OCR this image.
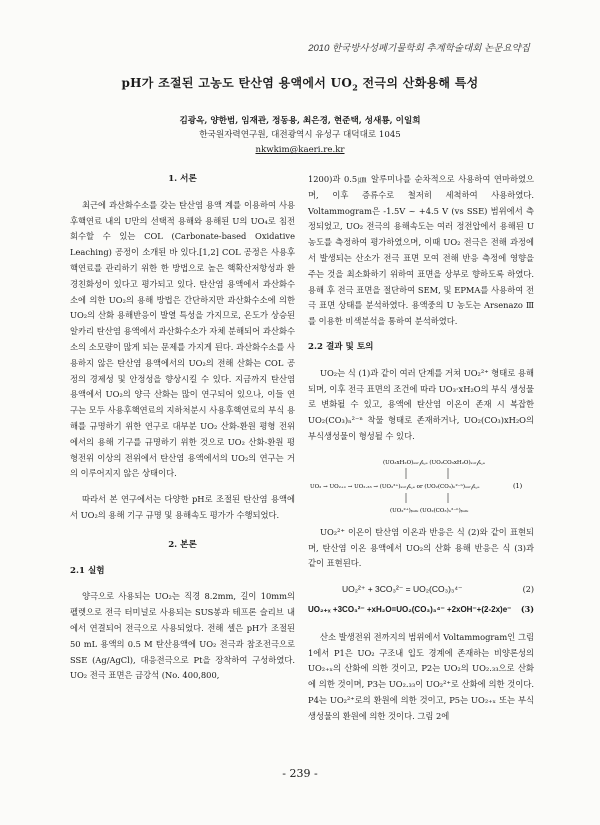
2010 한국방사성폐기물학회 추계학술대회 논문요약집
pH가 조절된 고농도 탄산염 용액에서 $UO_2$ 전극의 산화용해 특성
김광옥, 양한범, 임재관, 정동용, 최은경, 현준택, 성새룡, 이일희
한국원자력연구원, 대전광역시 유성구 대덕대로 1045
nkwkim@kaeri.re.kr
1. 서론
최근에 과산화수소를 갖는 탄산염 용액 계를 이용하여 사용후핵연료 내의 U만의 선택적 용해와 용해된 U의 UO₄로 침전 회수할 수 있는 COL (Carbonate-based Oxidative Leaching) 공정이 소개된 바 있다.[1,2] COL 공정은 사용후핵연료를 관리하기 위한 한 방법으로 높은 핵확산저항성과 환경친화성이 있다고 평가되고 있다. 탄산염 용액에서 과산화수소에 의한 UO₂의 용해 방법은 간단하지만 과산화수소에 의한 UO₂의 산화 용해반응이 발열 특성을 가지므로, 온도가 상승된 알카리 탄산염 용액에서 과산화수소가 자체 분해되어 과산화수소의 소모량이 많게 되는 문제를 가지게 된다. 과산화수소를 사용하지 않은 탄산염 용액에서의 UO₂의 전해 산화는 COL 공정의 경제성 및 안정성을 향상시킬 수 있다. 지금까지 탄산염 용액에서 UO₂의 양극 산화는 많이 연구되어 있으나, 이들 연구는 모두 사용후핵연료의 지하처분시 사용후핵연료의 부식 용해를 규명하기 위한 연구로 대부분 UO₂ 산화-환원 평형 전위에서의 용해 기구를 규명하기 위한 것으로 UO₂ 산화-환원 평형전위 이상의 전위에서 탄산염 용액에서의 UO₂의 연구는 거의 이루어지지 않은 상태이다.
따라서 본 연구에서는 다양한 pH로 조절된 탄산염 용액에서 UO₂의 용해 기구 규명 및 용해속도 평가가 수행되었다.
2. 본론
2.1 실험
양극으로 사용되는 UO₂는 직경 8.2mm, 길이 10mm의 펠렛으로 전극 터미널로 사용되는 SUS봉과 테프론 슬리브 내에서 연결되어 전극으로 사용되었다. 전해 셀은 pH가 조절된 50 mL 용액의 0.5 M 탄산용액에 UO₂ 전극과 참조전극으로 SSE (Ag/AgCl), 대응전극으로 Pt을 장착하여 구성하였다. UO₂ 전극 표면은 금강석 (No. 400,800,
1200)과 0.5㎛ 알루미나를 순차적으로 사용하여 연마하였으며, 이후 증류수로 철저히 세척하여 사용하였다. Voltammogram은 -1.5V ~ +4.5 V (vs SSE) 범위에서 측정되었고, UO₂ 전극의 용해속도는 여러 정전압에서 용해된 U 농도를 측정하여 평가하였으며, 이때 UO₂ 전극은 전해 과정에서 발생되는 산소가 전극 표면 모여 전해 반응 측정에 영향을 주는 것을 최소화하기 위하여 표면을 상부로 향하도록 하였다. 용해 후 전극 표면을 절단하여 SEM, 및 EPMA를 사용하여 전극 표면 상태를 분석하였다. 용액중의 U 농도는 Arsenazo Ⅲ를 이용한 비색분석을 통하여 분석하였다.
2.2 결과 및 토의
UO₂는 식 (1)과 같이 여러 단계를 거쳐 UO₂²⁺ 형태로 용해되며, 이후 전극 표면의 조건에 따라 UO₃·xH₂O의 부식 생성물로 변화될 수 있고, 용액에 탄산염 이온이 존재 시 복잡한 UO₂(CO₃)ₙ²⁻ⁿ 착물 형태로 존재하거나, UO₂(CO₃)xH₂O의 부식생성물이 형성될 수 있다.
(UO₃xH₂O)ₛᵤᵣ𝒻ₐ꜀ₑ (UO₂CO₃xH₂O)ₛᵤᵣ𝒻ₐ꜀ₑ
UO₂ → UO₂₊ₓ → UO₂.₃₃ → (UO₂²⁺)ₛᵤᵣ𝒻ₐ꜀ₑ or (UO₂(CO₃)ₙ²⁻ⁿ)ₛᵤᵣ𝒻ₐ꜀ₑ	(1)
(UO₂²⁺)ᵦᵤₗₖ (UO₂(CO₃)ₙ²⁻ⁿ)ᵦᵤₗₖ
UO₂²⁺ 이온이 탄산염 이온과 반응은 식 (2)와 같이 표현되며, 탄산염 이온 용액에서 UO₂의 산화 용해 반응은 식 (3)과 같이 표현된다.
UO₂²⁺ + 3CO₃²⁻ = UO₂(CO₃)₃⁴⁻	(2)
UO₂₊ₓ +3CO₃²⁻ +xH₂O=UO₂(CO₃)₃⁴⁻ +2xOH⁻+(2-2x)e⁻ (3)
산소 발생전위 전까지의 범위에서 Voltammogram인 그림 1에서 P1은 UO₂ 구조내 입도 경계에 존재하는 비양론성의 UO₂₊ₓ의 산화에 의한 것이고, P2는 UO₂의 UO₂.₃₃으로 산화에 의한 것이며, P3는 UO₂.₃₃이 UO₂²⁺로 산화에 의한 것이다. P4는 UO₂²⁺로의 환원에 의한 것이고, P5는 UO₂₊ₓ 또는 부식생성물의 환원에 의한 것이다. 그림 2에
- 239 -
